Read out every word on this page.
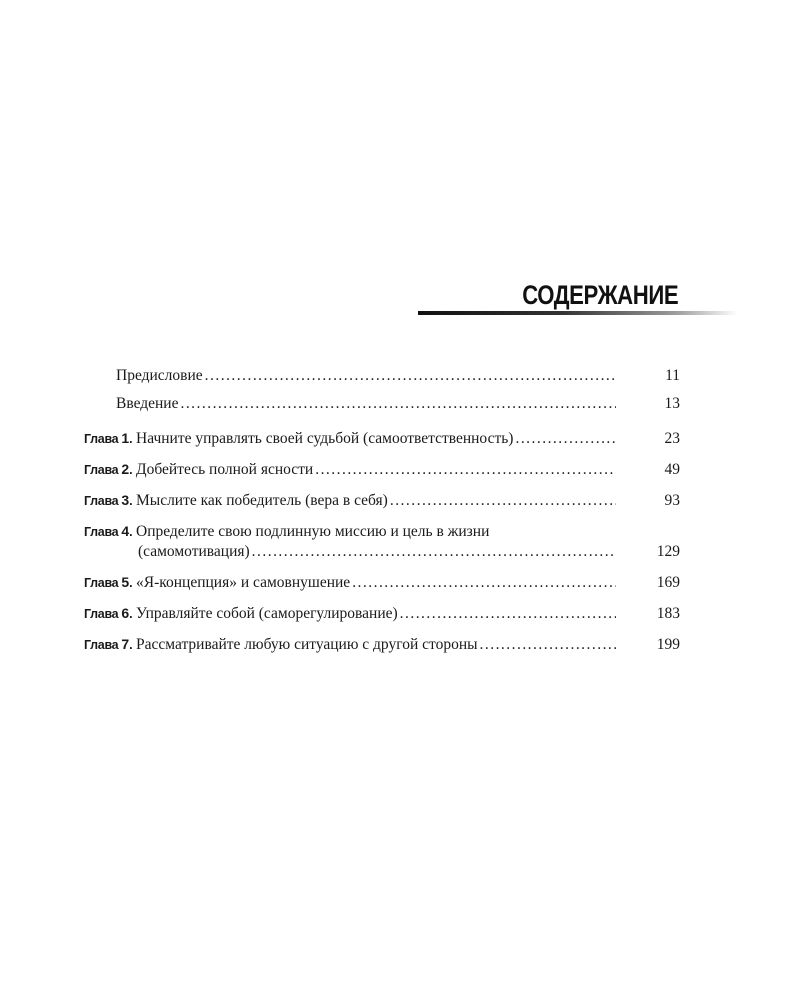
СОДЕРЖАНИЕ
Предисловие . . .	11
Введение . . .	13
Глава 1. Начните управлять своей судьбой (самоответственность) . . .	23
Глава 2. Добейтесь полной ясности . . .	49
Глава 3. Мыслите как победитель (вера в себя) . . .	93
Глава 4. Определите свою подлинную миссию и цель в жизни
(самомотивация) . . .	129
Глава 5. «Я-концепция» и самовнушение . . .	169
Глава 6. Управляйте собой (саморегулирование) . . .	183
Глава 7. Рассматривайте любую ситуацию с другой стороны . . .	199
